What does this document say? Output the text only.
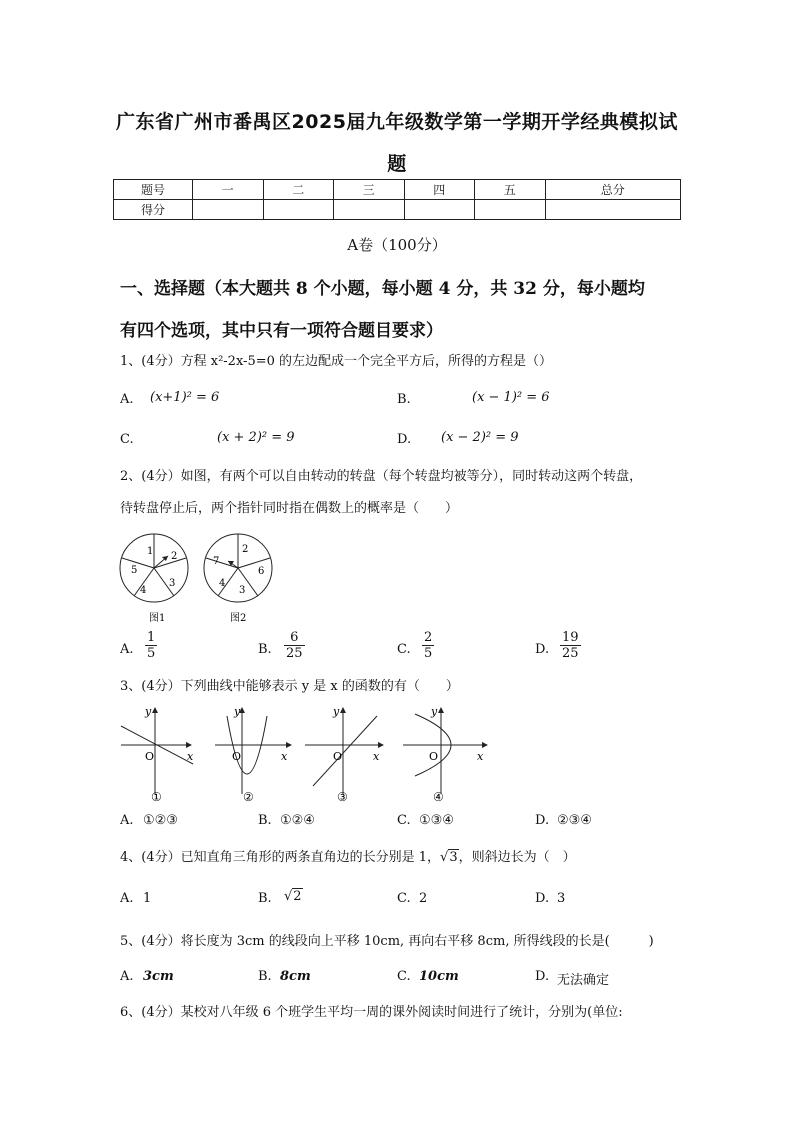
广东省广州市番禺区2025届九年级数学第一学期开学经典模拟试
题
题号	一	二	三	四	五	总分
得分						
A卷（100分）
一、选择题（本大题共 8 个小题，每小题 4 分，共 32 分，每小题均
有四个选项，其中只有一项符合题目要求）
1、(4分）方程 x²-2x-5=0 的左边配成一个完全平方后，所得的方程是（）
A. (x+1)² = 6	B.	(x − 1)² = 6
C.	(x + 2)² = 9	D. (x − 2)² = 9
2、(4分）如图，有两个可以自由转动的转盘（每个转盘均被等分），同时转动这两个转盘，
待转盘停止后，两个指针同时指在偶数上的概率是（　　）
1 2
3
4
5
图1
2
6
3
4
7
图2
A. $\frac{1}{5}$	B. $\frac{6}{25}$	C. $\frac{2}{5}$	D. $\frac{19}{25}$
3、(4分）下列曲线中能够表示 y 是 x 的函数的有（　　）
y
x
O
①
y
x
O
②
y
x
O
③
y
x
O
④
A. ①②③	B. ①②④	C. ①③④	D. ②③④
4、(4分）已知直角三角形的两条直角边的长分别是 1，√3，则斜边长为（　）
A. 1	B. √2	C. 2	D. 3
5、(4分）将长度为 3cm 的线段向上平移 10cm, 再向右平移 8cm, 所得线段的长是(　　　)
A. 3cm	B. 8cm	C. 10cm	D. 无法确定
6、(4分）某校对八年级 6 个班学生平均一周的课外阅读时间进行了统计，分别为(单位:
